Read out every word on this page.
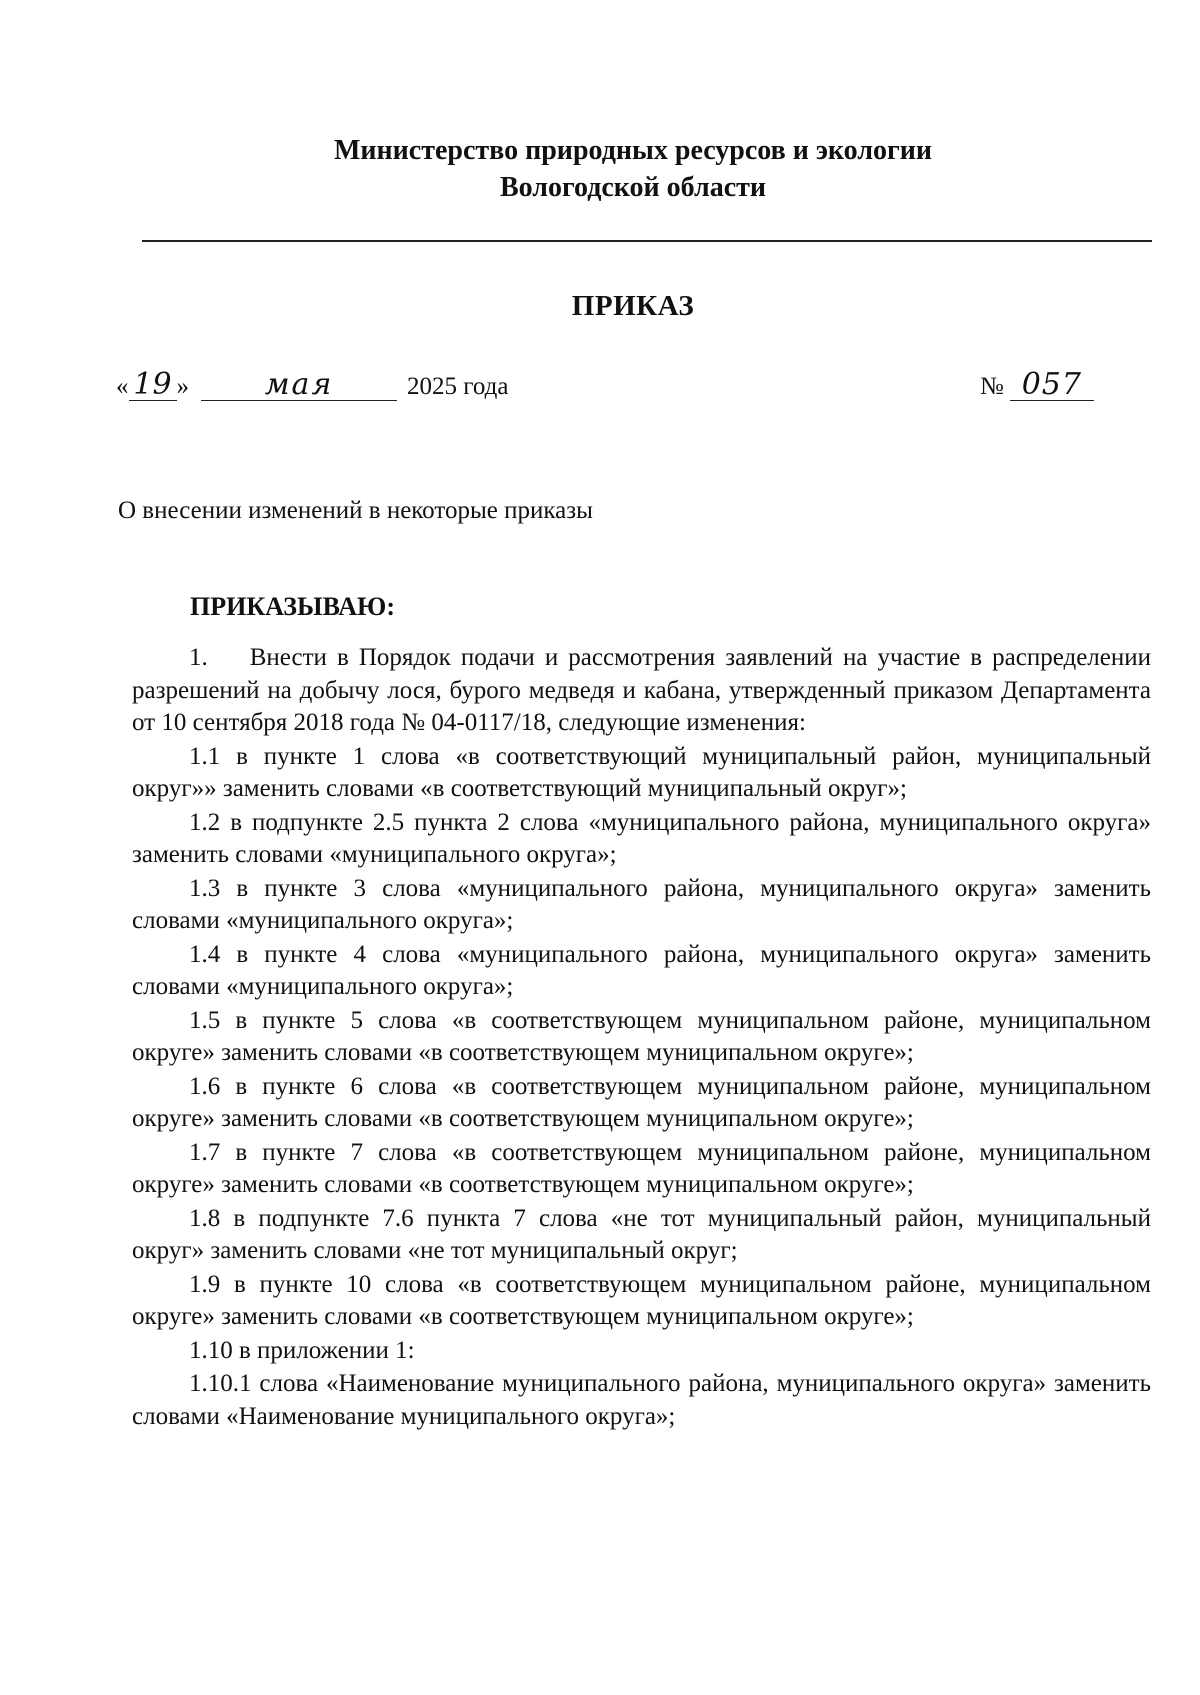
Министерство природных ресурсов и экологии
Вологодской области
ПРИКАЗ
« 19 »	мая	2025 года	№ 057
О внесении изменений в некоторые приказы
ПРИКАЗЫВАЮ:

1. Внести в Порядок подачи и рассмотрения заявлений на участие в распределении разрешений на добычу лося, бурого медведя и кабана, утвержденный приказом Департамента от 10 сентября 2018 года № 04-0117/18, следующие изменения:

1.1 в пункте 1 слова «в соответствующий муниципальный район, муниципальный округ»» заменить словами «в соответствующий муниципальный округ»;

1.2 в подпункте 2.5 пункта 2 слова «муниципального района, муниципального округа» заменить словами «муниципального округа»;

1.3 в пункте 3 слова «муниципального района, муниципального округа» заменить словами «муниципального округа»;

1.4 в пункте 4 слова «муниципального района, муниципального округа» заменить словами «муниципального округа»;

1.5 в пункте 5 слова «в соответствующем муниципальном районе, муниципальном округе» заменить словами «в соответствующем муниципальном округе»;

1.6 в пункте 6 слова «в соответствующем муниципальном районе, муниципальном округе» заменить словами «в соответствующем муниципальном округе»;

1.7 в пункте 7 слова «в соответствующем муниципальном районе, муниципальном округе» заменить словами «в соответствующем муниципальном округе»;

1.8 в подпункте 7.6 пункта 7 слова «не тот муниципальный район, муниципальный округ» заменить словами «не тот муниципальный округ;

1.9 в пункте 10 слова «в соответствующем муниципальном районе, муниципальном округе» заменить словами «в соответствующем муниципальном округе»;

1.10 в приложении 1:

1.10.1 слова «Наименование муниципального района, муниципального округа» заменить словами «Наименование муниципального округа»;
